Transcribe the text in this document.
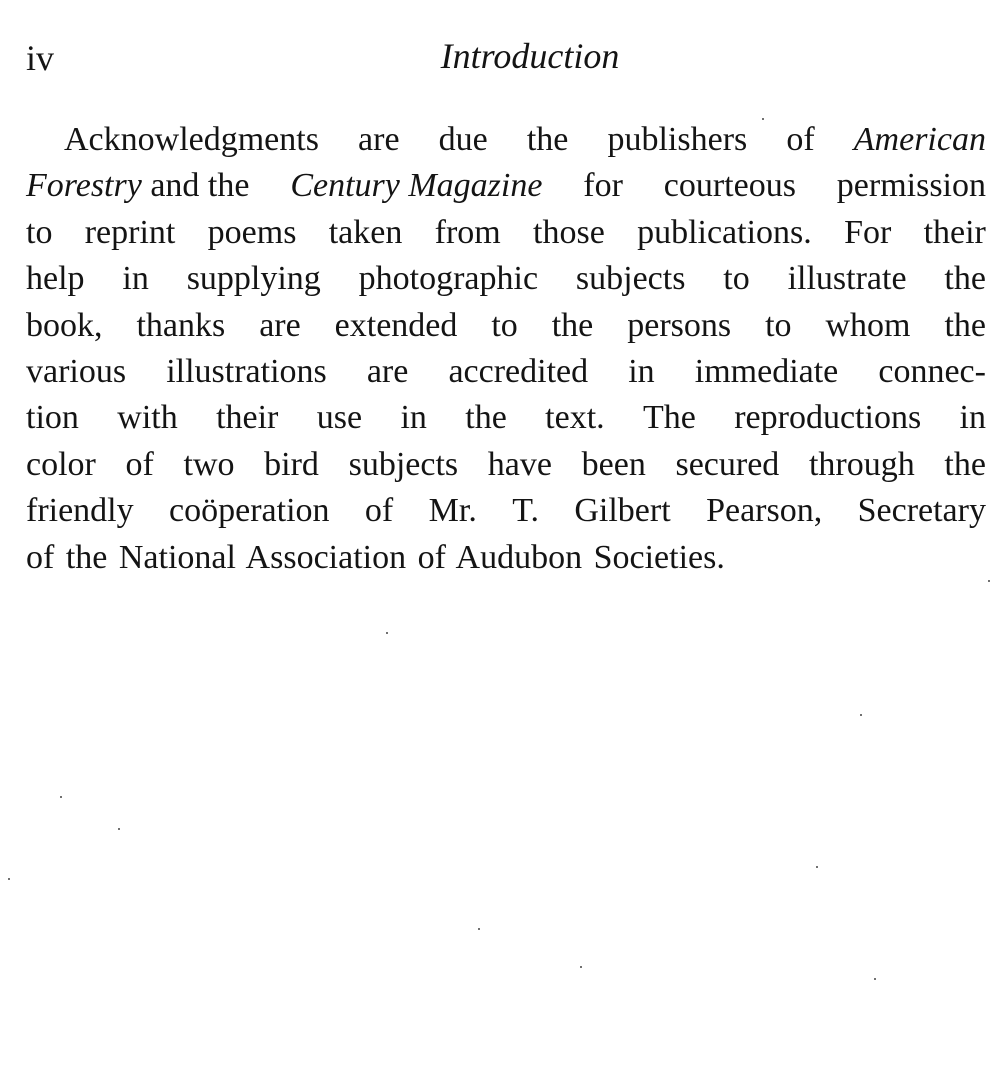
iv	Introduction
Acknowledgments are due the publishers of American
Forestry and the Century Magazine for courteous permission
to reprint poems taken from those publications. For their
help in supplying photographic subjects to illustrate the
book, thanks are extended to the persons to whom the
various illustrations are accredited in immediate connec-
tion with their use in the text. The reproductions in
color of two bird subjects have been secured through the
friendly coöperation of Mr. T. Gilbert Pearson, Secretary
of the National Association of Audubon Societies.
